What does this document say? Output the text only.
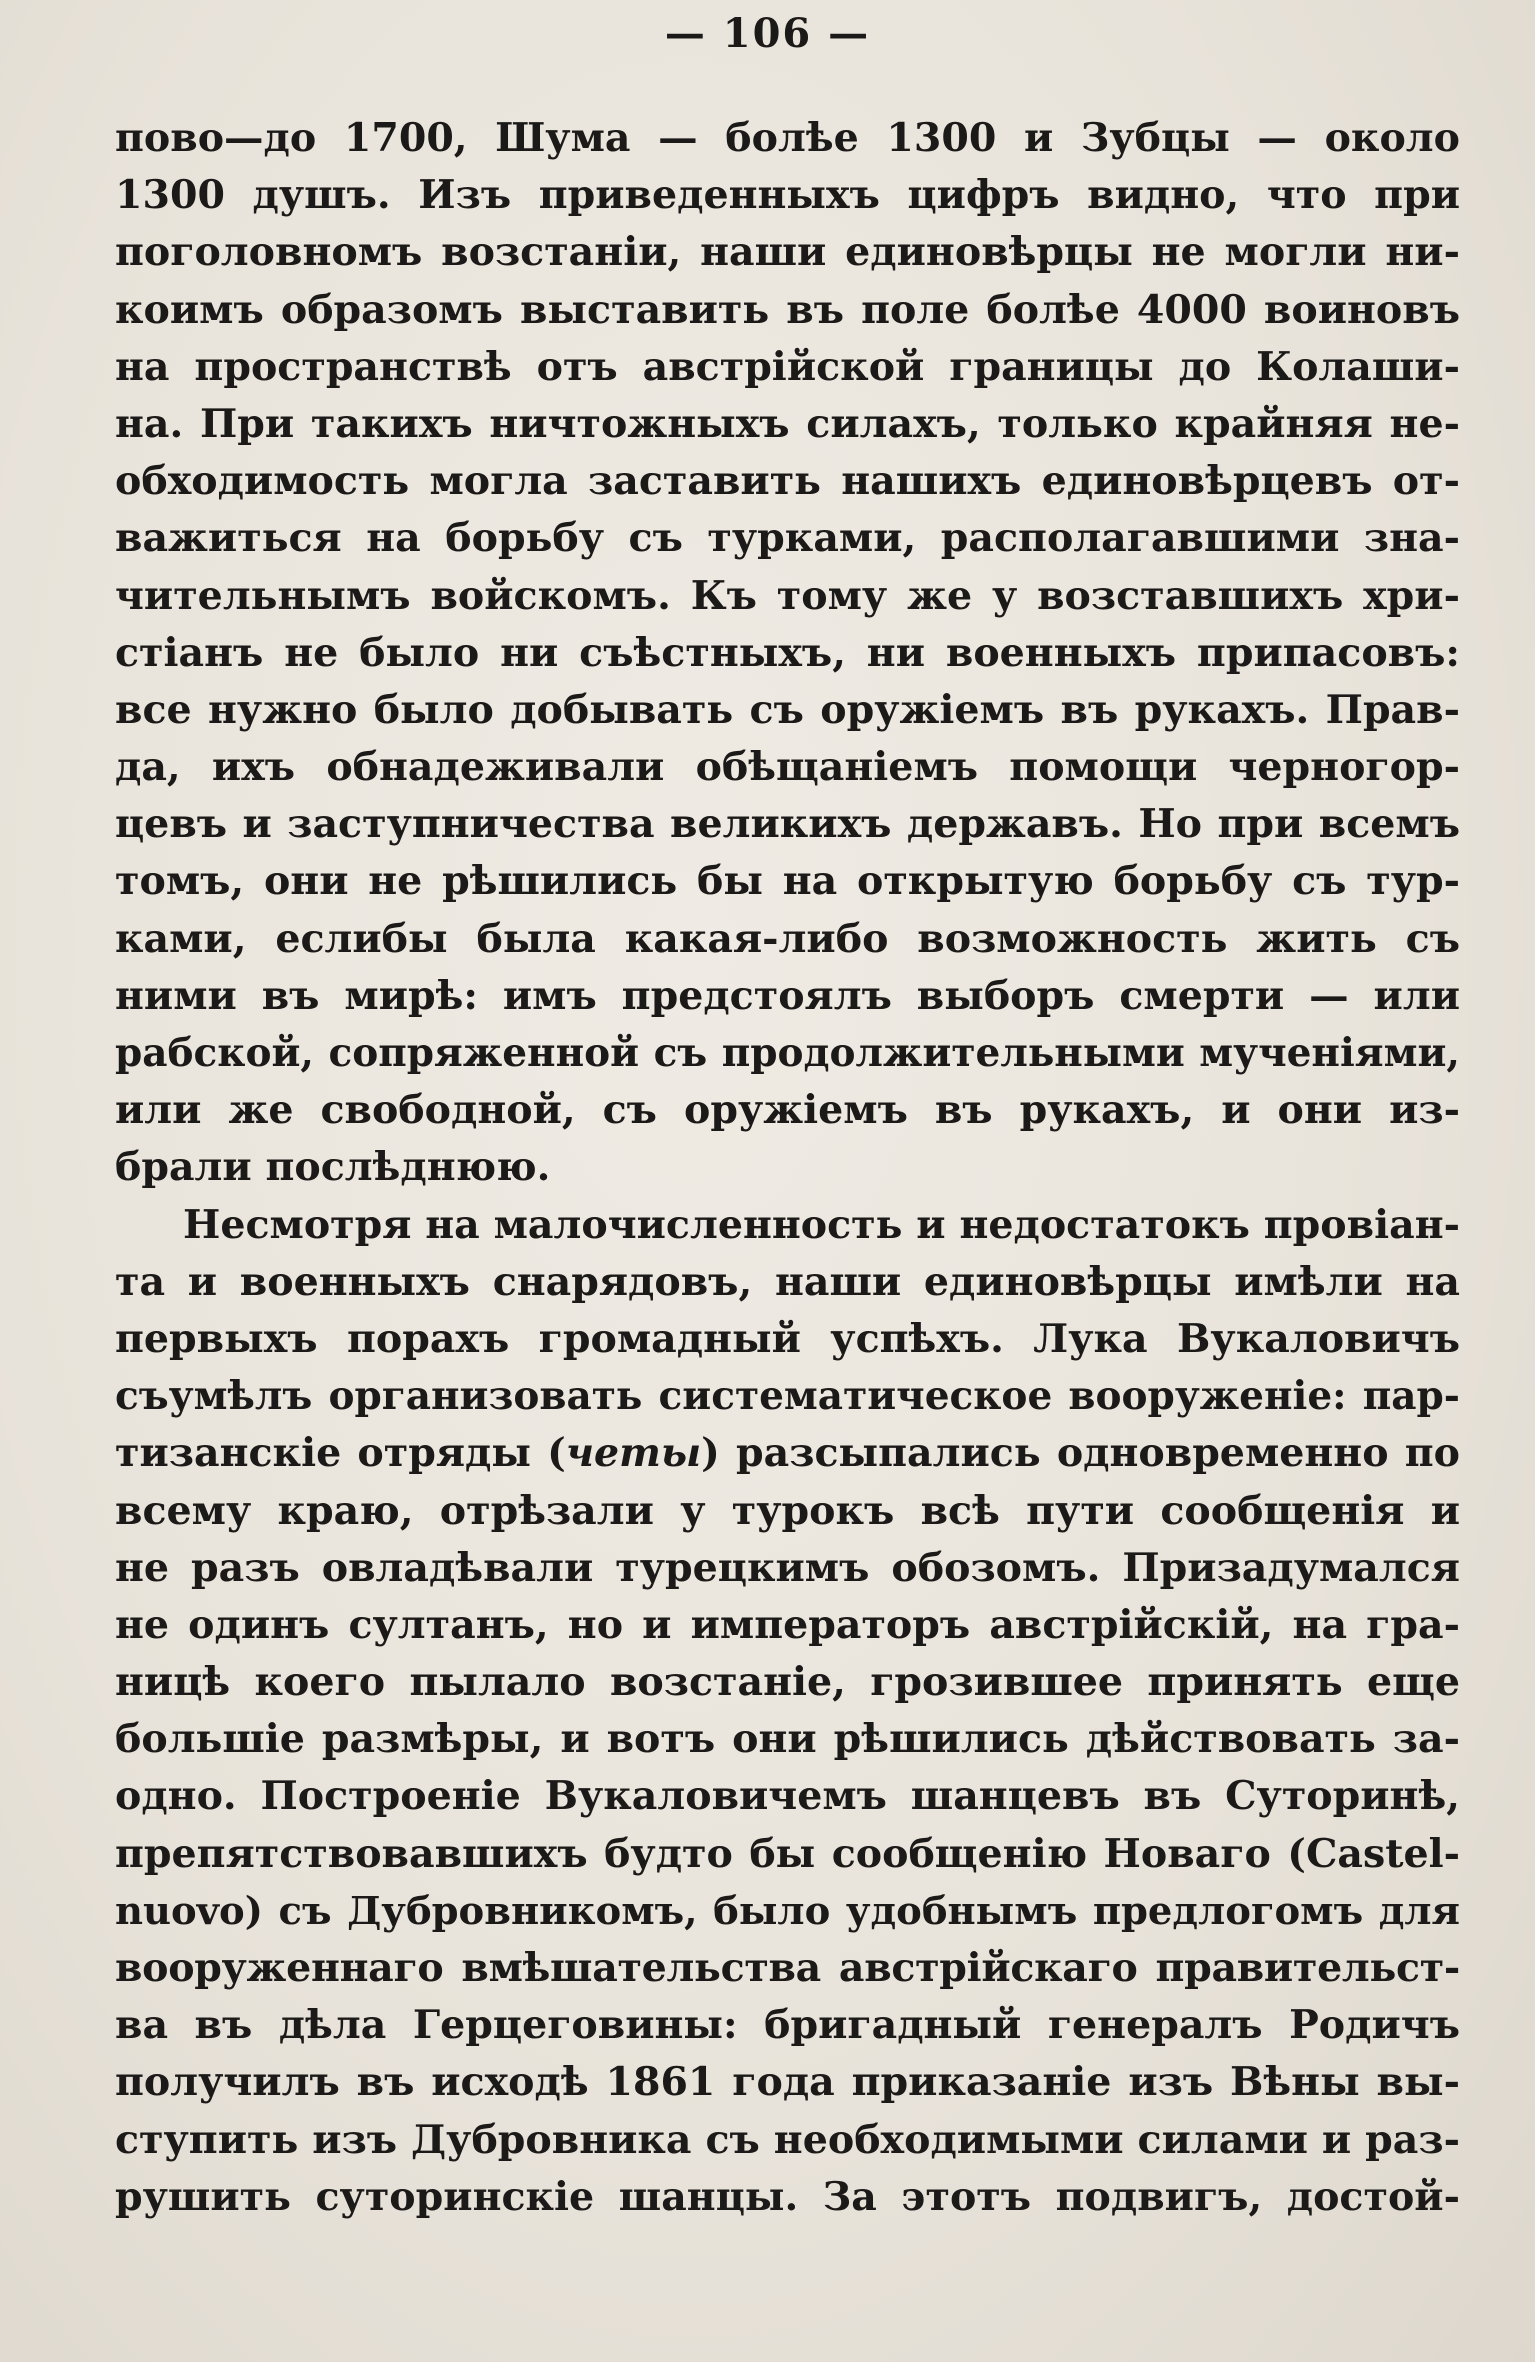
— 106 —
пово—до 1700, Шума — болѣе 1300 и Зубцы — около
1300 душъ. Изъ приведенныхъ цифръ видно, что при
поголовномъ возстаніи, наши единовѣрцы не могли ни-
коимъ образомъ выставить въ поле болѣе 4000 воиновъ
на пространствѣ отъ австрійской границы до Колаши-
на. При такихъ ничтожныхъ силахъ, только крайняя не-
обходимость могла заставить нашихъ единовѣрцевъ от-
важиться на борьбу съ турками, располагавшими зна-
чительнымъ войскомъ. Къ тому же у возставшихъ хри-
стіанъ не было ни съѣстныхъ, ни военныхъ припасовъ:
все нужно было добывать съ оружіемъ въ рукахъ. Прав-
да, ихъ обнадеживали обѣщаніемъ помощи черногор-
цевъ и заступничества великихъ державъ. Но при всемъ
томъ, они не рѣшились бы на открытую борьбу съ тур-
ками, еслибы была какая-либо возможность жить съ
ними въ мирѣ: имъ предстоялъ выборъ смерти — или
рабской, сопряженной съ продолжительными мученіями,
или же свободной, съ оружіемъ въ рукахъ, и они из-
брали послѣднюю.
Несмотря на малочисленность и недостатокъ провіан-
та и военныхъ снарядовъ, наши единовѣрцы имѣли на
первыхъ порахъ громадный успѣхъ. Лука Вукаловичъ
съумѣлъ организовать систематическое вооруженіе: пар-
тизанскіе отряды (четы) разсыпались одновременно по
всему краю, отрѣзали у турокъ всѣ пути сообщенія и
не разъ овладѣвали турецкимъ обозомъ. Призадумался
не одинъ султанъ, но и императоръ австрійскій, на гра-
ницѣ коего пылало возстаніе, грозившее принять еще
большіе размѣры, и вотъ они рѣшились дѣйствовать за-
одно. Построеніе Вукаловичемъ шанцевъ въ Суторинѣ,
препятствовавшихъ будто бы сообщенію Новаго (Castel-
nuovo) съ Дубровникомъ, было удобнымъ предлогомъ для
вооруженнаго вмѣшательства австрійскаго правительст-
ва въ дѣла Герцеговины: бригадный генералъ Родичъ
получилъ въ исходѣ 1861 года приказаніе изъ Вѣны вы-
ступить изъ Дубровника съ необходимыми силами и раз-
рушить суторинскіе шанцы. За этотъ подвигъ, достой-
